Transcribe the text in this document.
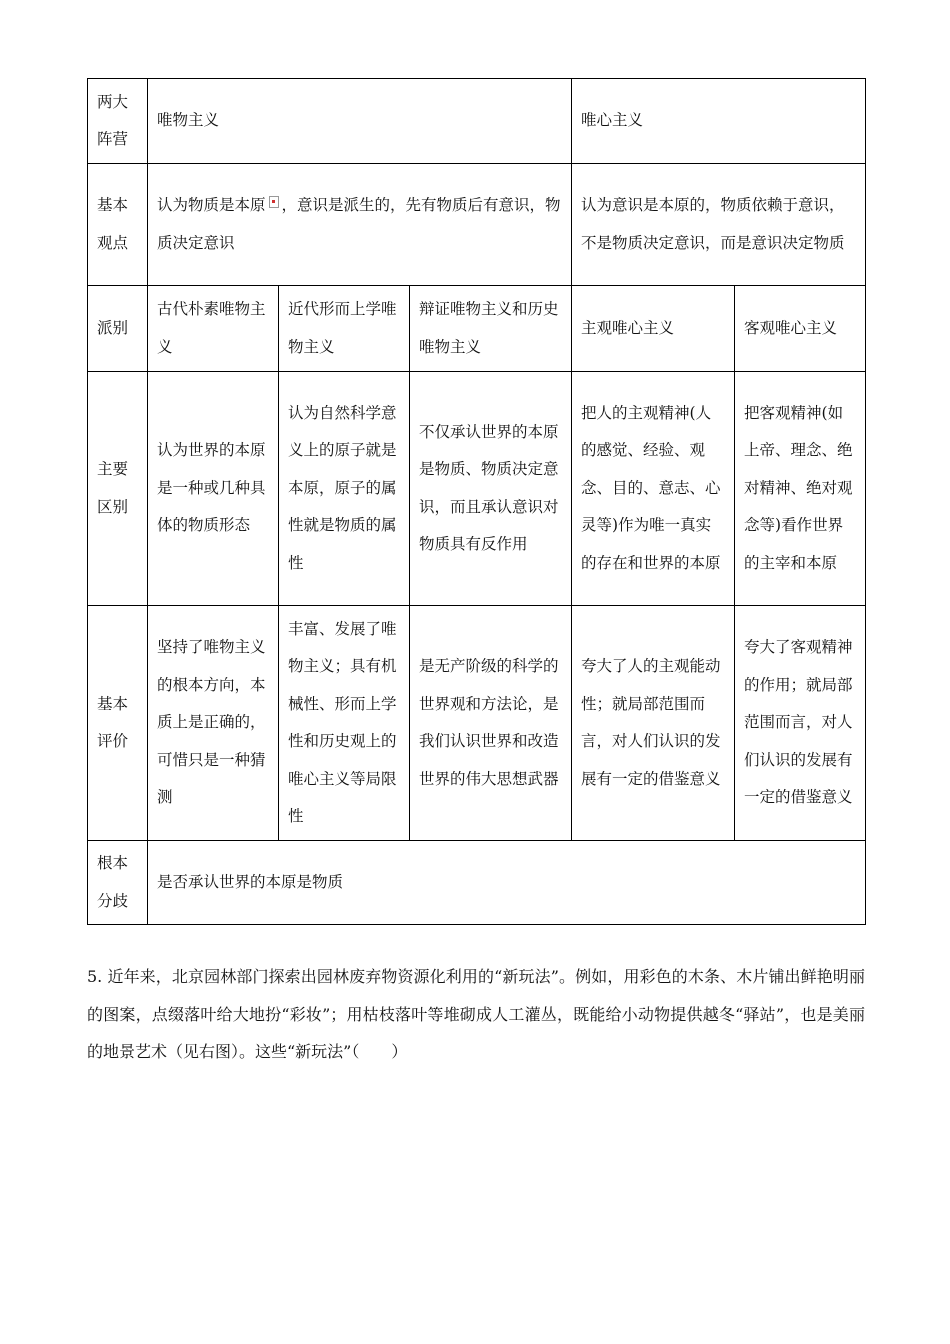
两大阵营	唯物主义			唯心主义	
基本观点	认为物质是本原 ，意识是派生的，先有物质后有意识，物质决定意识			认为意识是本原的，物质依赖于意识，不是物质决定意识，而是意识决定物质	
派别	古代朴素唯物主义	近代形而上学唯物主义	辩证唯物主义和历史唯物主义	主观唯心主义	客观唯心主义
主要区别	认为世界的本原是一种或几种具体的物质形态	认为自然科学意义上的原子就是本原，原子的属性就是物质的属性	不仅承认世界的本原是物质、物质决定意识，而且承认意识对物质具有反作用	把人的主观精神(人的感觉、经验、观念、目的、意志、心灵等)作为唯一真实的存在和世界的本原	把客观精神(如上帝、理念、绝对精神、绝对观念等)看作世界的主宰和本原
基本评价	坚持了唯物主义的根本方向，本质上是正确的，可惜只是一种猜测	丰富、发展了唯物主义；具有机械性、形而上学性和历史观上的唯心主义等局限性	是无产阶级的科学的世界观和方法论，是我们认识世界和改造世界的伟大思想武器	夸大了人的主观能动性；就局部范围而言，对人们认识的发展有一定的借鉴意义	夸大了客观精神的作用；就局部范围而言，对人们认识的发展有一定的借鉴意义
根本分歧	是否承认世界的本原是物质				
5. 近年来，北京园林部门探索出园林废弃物资源化利用的“新玩法”。例如，用彩色的木条、木片铺出鲜艳明丽的图案，点缀落叶给大地扮“彩妆”；用枯枝落叶等堆砌成人工灌丛，既能给小动物提供越冬“驿站”，也是美丽的地景艺术（见右图）。这些“新玩法”（　　）
